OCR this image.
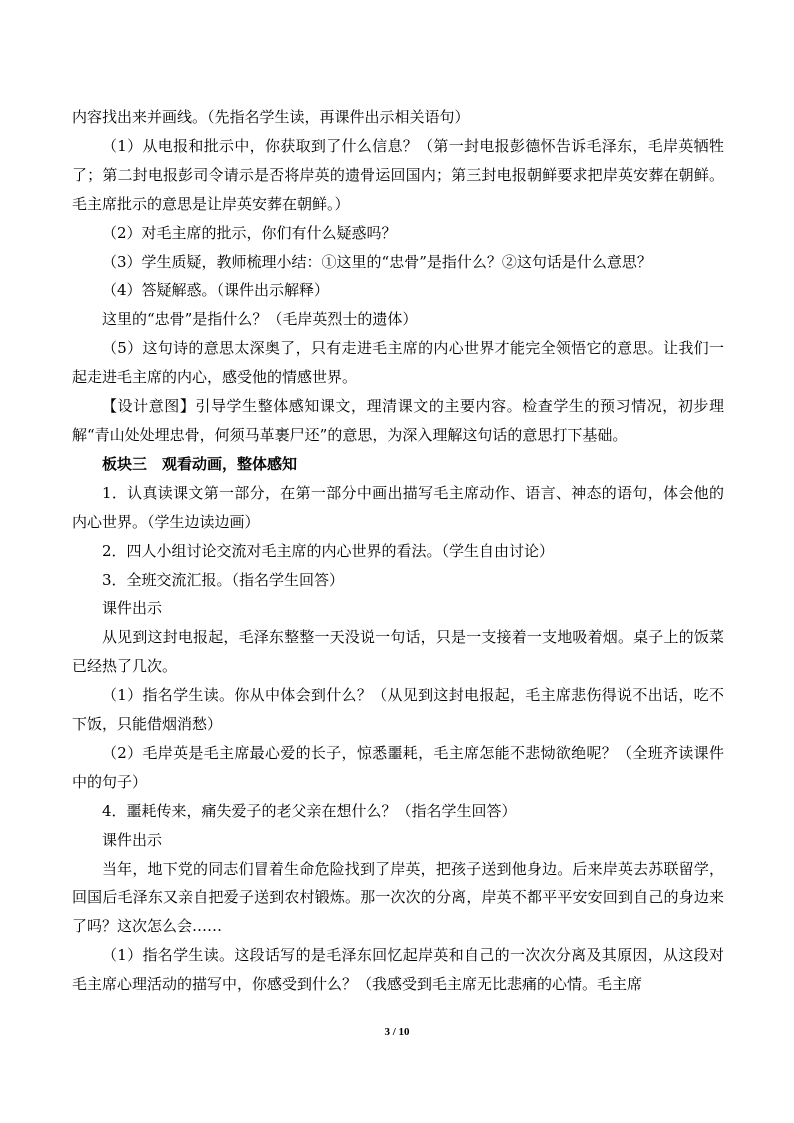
内容找出来并画线。（先指名学生读，再课件出示相关语句）

（1）从电报和批示中，你获取到了什么信息？（第一封电报彭德怀告诉毛泽东，毛岸英牺牲了；第二封电报彭司令请示是否将岸英的遗骨运回国内；第三封电报朝鲜要求把岸英安葬在朝鲜。毛主席批示的意思是让岸英安葬在朝鲜。）

（2）对毛主席的批示，你们有什么疑惑吗？

（3）学生质疑，教师梳理小结：①这里的“忠骨”是指什么？②这句话是什么意思？

（4）答疑解惑。（课件出示解释）

这里的“忠骨”是指什么？（毛岸英烈士的遗体）

（5）这句诗的意思太深奥了，只有走进毛主席的内心世界才能完全领悟它的意思。让我们一起走进毛主席的内心，感受他的情感世界。

【设计意图】引导学生整体感知课文，理清课文的主要内容。检查学生的预习情况，初步理解“青山处处埋忠骨，何须马革裹尸还”的意思，为深入理解这句话的意思打下基础。

板块三　观看动画，整体感知

1．认真读课文第一部分，在第一部分中画出描写毛主席动作、语言、神态的语句，体会他的内心世界。（学生边读边画）

2．四人小组讨论交流对毛主席的内心世界的看法。（学生自由讨论）

3．全班交流汇报。（指名学生回答）

课件出示

从见到这封电报起，毛泽东整整一天没说一句话，只是一支接着一支地吸着烟。桌子上的饭菜已经热了几次。

（1）指名学生读。你从中体会到什么？（从见到这封电报起，毛主席悲伤得说不出话，吃不下饭，只能借烟消愁）

（2）毛岸英是毛主席最心爱的长子，惊悉噩耗，毛主席怎能不悲恸欲绝呢？（全班齐读课件中的句子）

4．噩耗传来，痛失爱子的老父亲在想什么？（指名学生回答）

课件出示

当年，地下党的同志们冒着生命危险找到了岸英，把孩子送到他身边。后来岸英去苏联留学，回国后毛泽东又亲自把爱子送到农村锻炼。那一次次的分离，岸英不都平平安安回到自己的身边来了吗？这次怎么会……

（1）指名学生读。这段话写的是毛泽东回忆起岸英和自己的一次次分离及其原因，从这段对毛主席心理活动的描写中，你感受到什么？（我感受到毛主席无比悲痛的心情。毛主席

3 / 10
